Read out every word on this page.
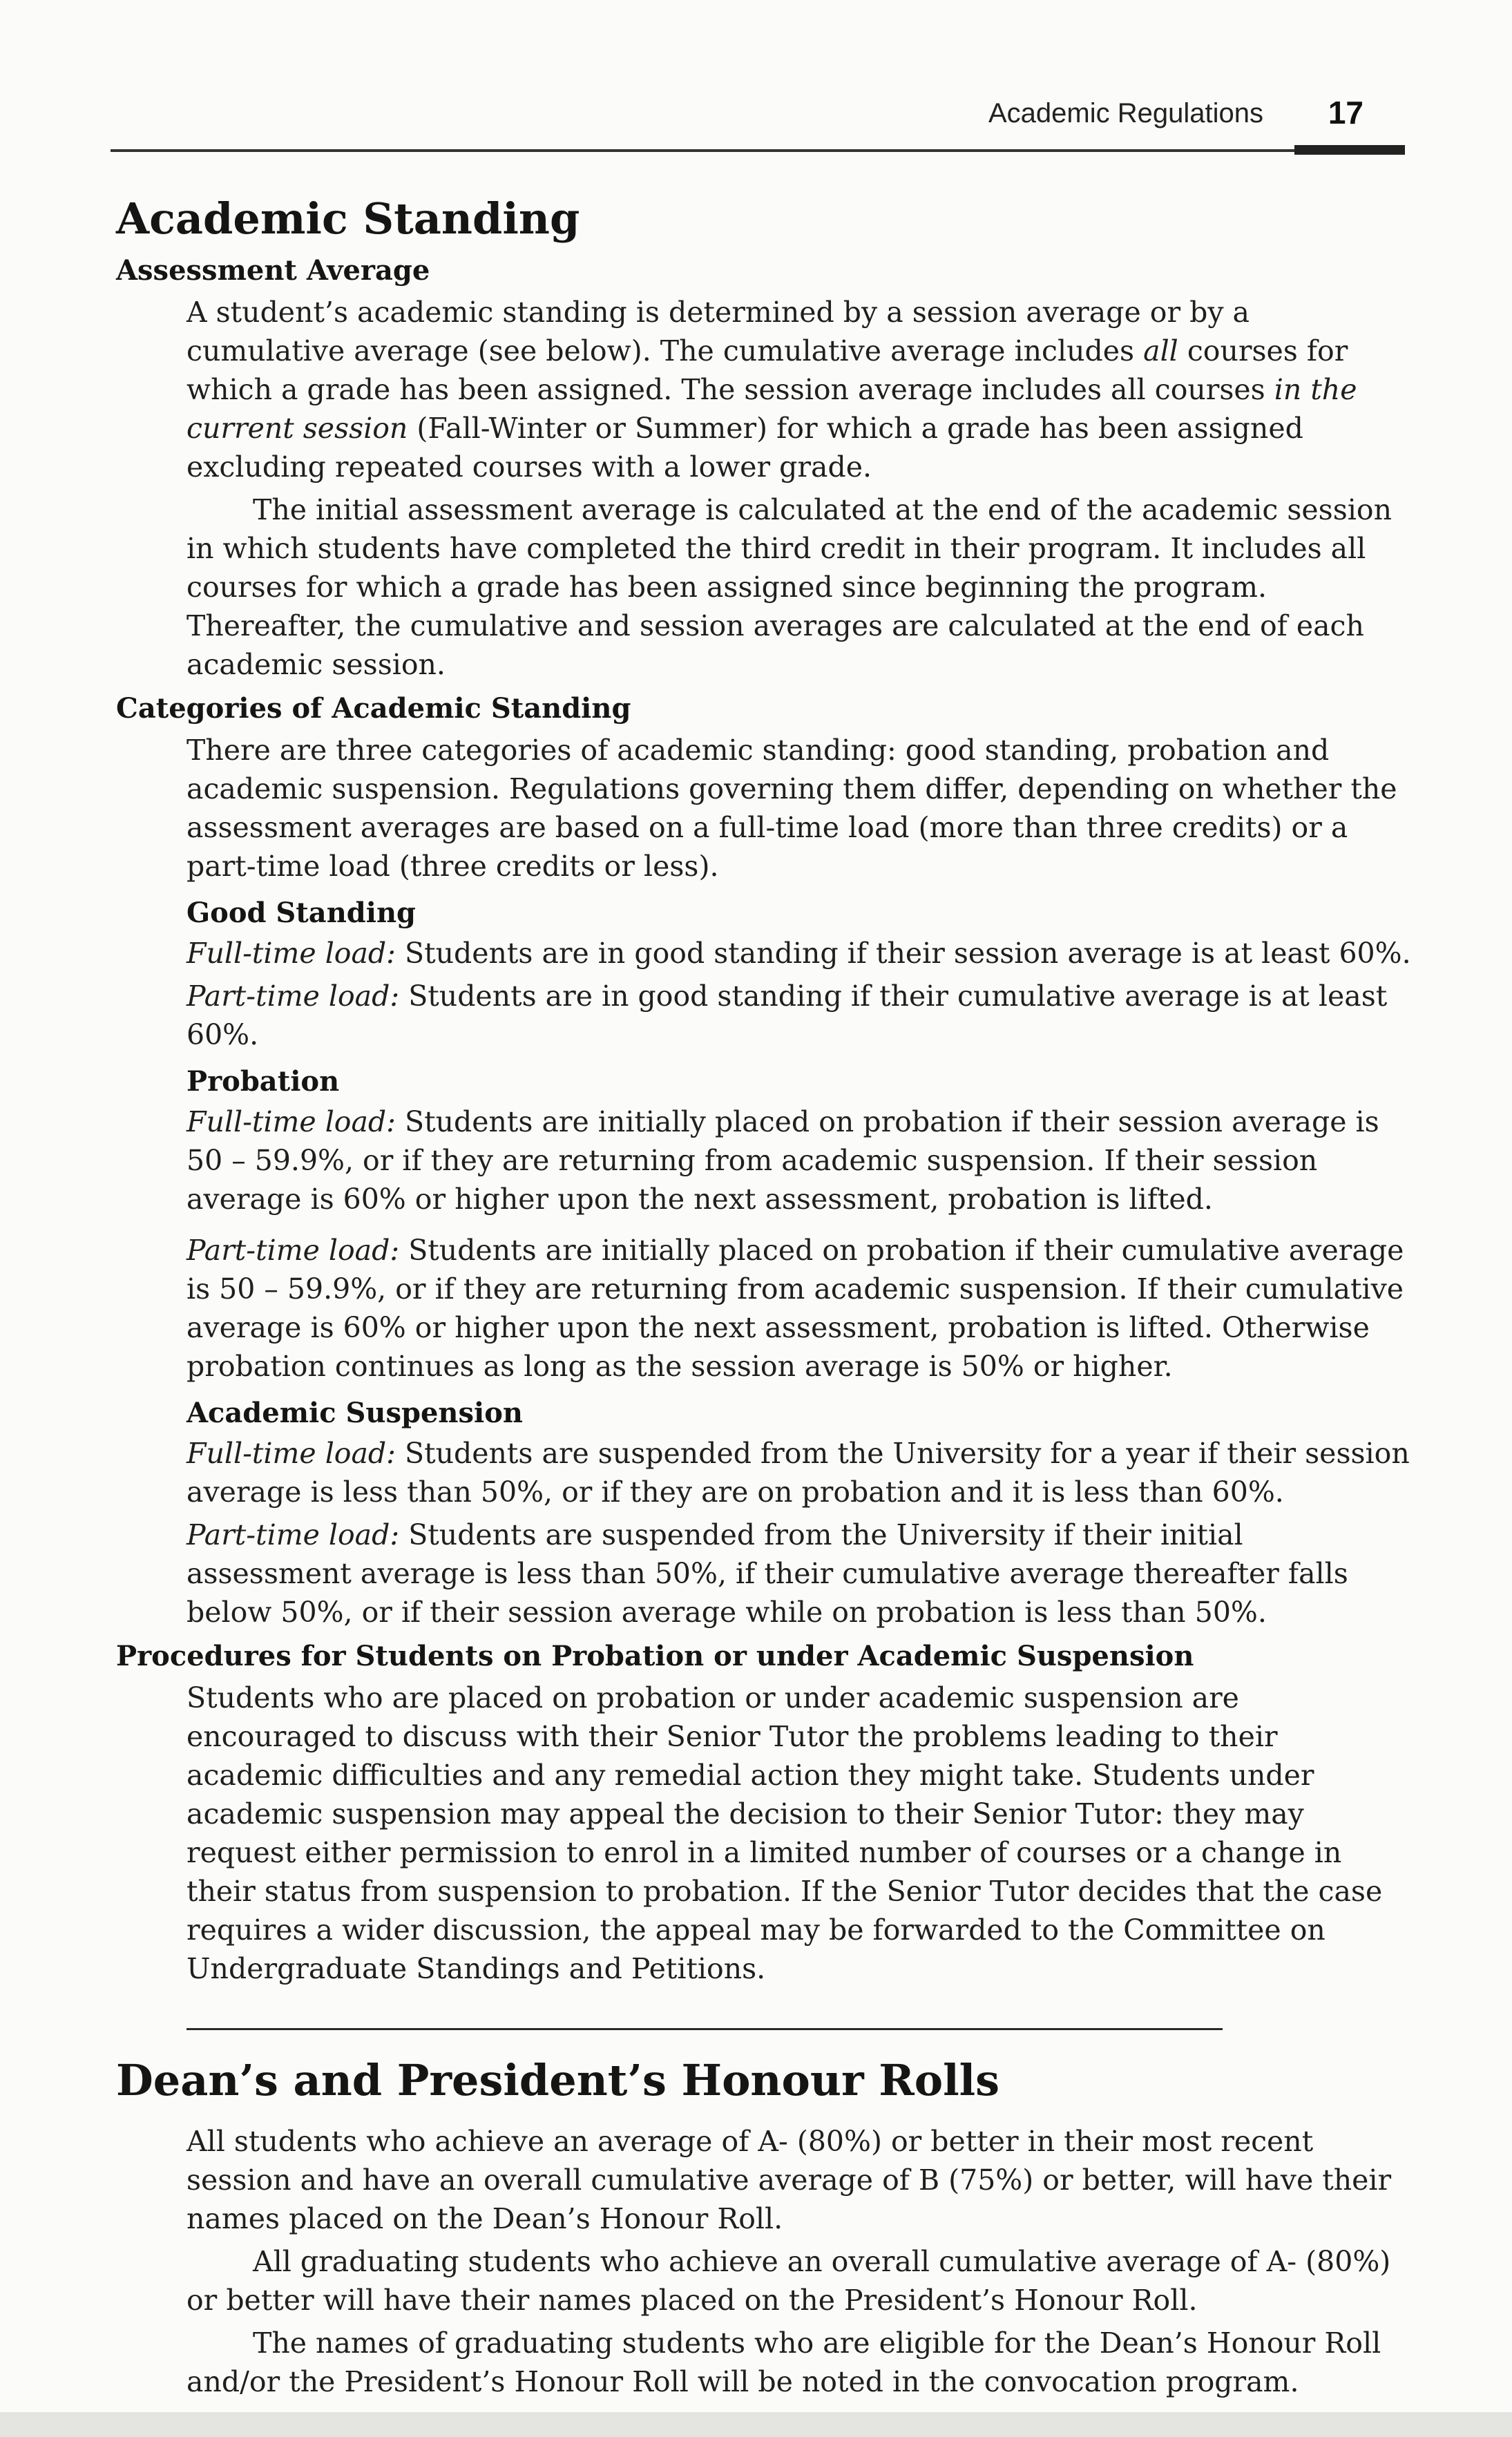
Academic Regulations 17
Academic Standing
Assessment Average

A student’s academic standing is determined by a session average or by a cumulative average (see below). The cumulative average includes all courses for which a grade has been assigned. The session average includes all courses in the current session (Fall-Winter or Summer) for which a grade has been assigned excluding repeated courses with a lower grade.

The initial assessment average is calculated at the end of the academic session in which students have completed the third credit in their program. It includes all courses for which a grade has been assigned since beginning the program. Thereafter, the cumulative and session averages are calculated at the end of each academic session.

Categories of Academic Standing

There are three categories of academic standing: good standing, probation and academic suspension. Regulations governing them differ, depending on whether the assessment averages are based on a full-time load (more than three credits) or a part-time load (three credits or less).

Good Standing

Full-time load: Students are in good standing if their session average is at least 60%.

Part-time load: Students are in good standing if their cumulative average is at least 60%.

Probation

Full-time load: Students are initially placed on probation if their session average is 50 – 59.9%, or if they are returning from academic suspension. If their session average is 60% or higher upon the next assessment, probation is lifted.

Part-time load: Students are initially placed on probation if their cumulative average is 50 – 59.9%, or if they are returning from academic suspension. If their cumulative average is 60% or higher upon the next assessment, probation is lifted. Otherwise probation continues as long as the session average is 50% or higher.

Academic Suspension

Full-time load: Students are suspended from the University for a year if their session average is less than 50%, or if they are on probation and it is less than 60%.

Part-time load: Students are suspended from the University if their initial assessment average is less than 50%, if their cumulative average thereafter falls below 50%, or if their session average while on probation is less than 50%.

Procedures for Students on Probation or under Academic Suspension

Students who are placed on probation or under academic suspension are encouraged to discuss with their Senior Tutor the problems leading to their academic difficulties and any remedial action they might take. Students under academic suspension may appeal the decision to their Senior Tutor: they may request either permission to enrol in a limited number of courses or a change in their status from suspension to probation. If the Senior Tutor decides that the case requires a wider discussion, the appeal may be forwarded to the Committee on Undergraduate Standings and Petitions.

Dean’s and President’s Honour Rolls

All students who achieve an average of A- (80%) or better in their most recent session and have an overall cumulative average of B (75%) or better, will have their names placed on the Dean’s Honour Roll.

All graduating students who achieve an overall cumulative average of A- (80%) or better will have their names placed on the President’s Honour Roll.

The names of graduating students who are eligible for the Dean’s Honour Roll and/or the President’s Honour Roll will be noted in the convocation program.
